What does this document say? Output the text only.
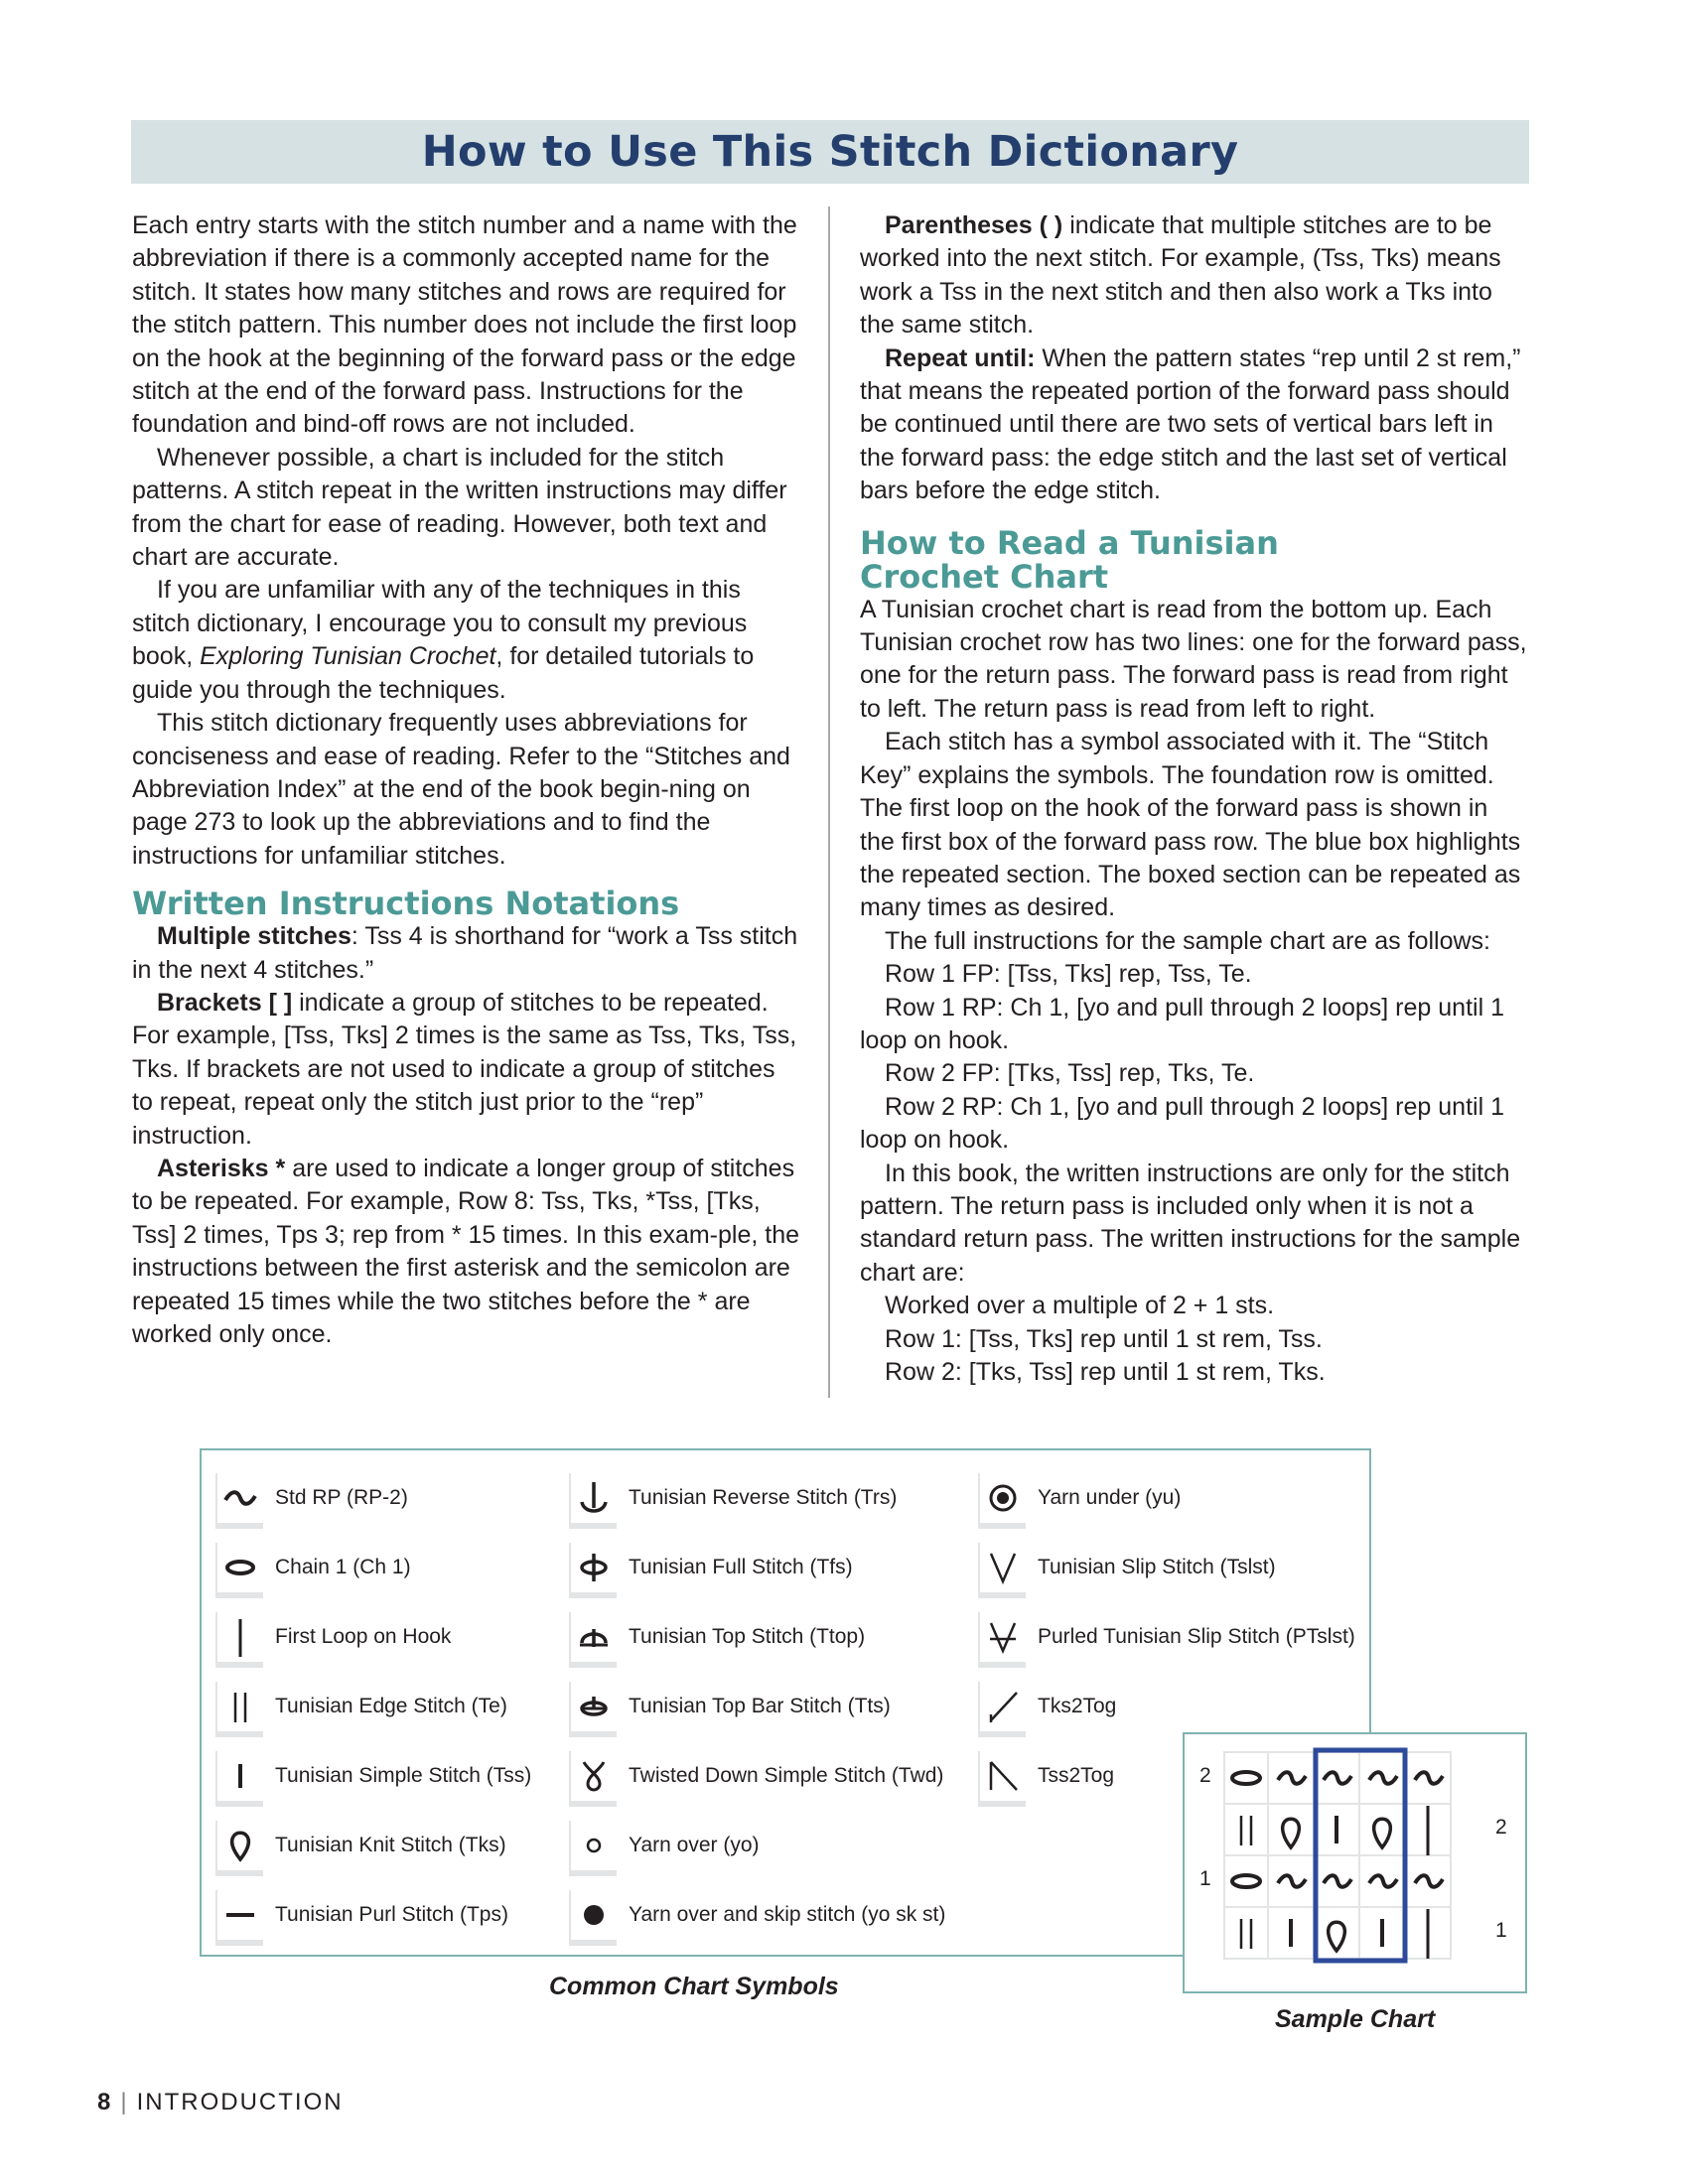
How to Use This Stitch Dictionary

Each entry starts with the stitch number and a name with the abbreviation if there is a commonly accepted name for the stitch. It states how many stitches and rows are required for the stitch pattern. This number does not include the first loop on the hook at the beginning of the forward pass or the edge stitch at the end of the forward pass. Instructions for the foundation and bind-off rows are not included.

Whenever possible, a chart is included for the stitch patterns. A stitch repeat in the written instructions may differ from the chart for ease of reading. However, both text and chart are accurate.

If you are unfamiliar with any of the techniques in this stitch dictionary, I encourage you to consult my previous book, Exploring Tunisian Crochet, for detailed tutorials to guide you through the techniques.

This stitch dictionary frequently uses abbreviations for conciseness and ease of reading. Refer to the “Stitches and Abbreviation Index” at the end of the book begin-ning on page 273 to look up the abbreviations and to find the instructions for unfamiliar stitches.

Written Instructions Notations

Multiple stitches: Tss 4 is shorthand for “work a Tss stitch in the next 4 stitches.”

Brackets [ ] indicate a group of stitches to be repeated. For example, [Tss, Tks] 2 times is the same as Tss, Tks, Tss, Tks. If brackets are not used to indicate a group of stitches to repeat, repeat only the stitch just prior to the “rep” instruction.

Asterisks * are used to indicate a longer group of stitches to be repeated. For example, Row 8: Tss, Tks, *Tss, [Tks, Tss] 2 times, Tps 3; rep from * 15 times. In this exam-ple, the instructions between the first asterisk and the semicolon are repeated 15 times while the two stitches before the * are worked only once.

Parentheses ( ) indicate that multiple stitches are to be worked into the next stitch. For example, (Tss, Tks) means work a Tss in the next stitch and then also work a Tks into the same stitch.

Repeat until: When the pattern states “rep until 2 st rem,” that means the repeated portion of the forward pass should be continued until there are two sets of vertical bars left in the forward pass: the edge stitch and the last set of vertical bars before the edge stitch.

How to Read a Tunisian
Crochet Chart

A Tunisian crochet chart is read from the bottom up. Each Tunisian crochet row has two lines: one for the forward pass, one for the return pass. The forward pass is read from right to left. The return pass is read from left to right.

Each stitch has a symbol associated with it. The “Stitch Key” explains the symbols. The foundation row is omitted. The first loop on the hook of the forward pass is shown in the first box of the forward pass row. The blue box highlights the repeated section. The boxed section can be repeated as many times as desired.

The full instructions for the sample chart are as follows:

Row 1 FP: [Tss, Tks] rep, Tss, Te.

Row 1 RP: Ch 1, [yo and pull through 2 loops] rep until 1 loop on hook.

Row 2 FP: [Tks, Tss] rep, Tks, Te.

Row 2 RP: Ch 1, [yo and pull through 2 loops] rep until 1 loop on hook.

In this book, the written instructions are only for the stitch pattern. The return pass is included only when it is not a standard return pass. The written instructions for the sample chart are:

Worked over a multiple of 2 + 1 sts.

Row 1: [Tss, Tks] rep until 1 st rem, Tss.

Row 2: [Tks, Tss] rep until 1 st rem, Tks.

Std RP (RP-2)
Chain 1 (Ch 1)
First Loop on Hook
Tunisian Edge Stitch (Te)
Tunisian Simple Stitch (Tss)
Tunisian Knit Stitch (Tks)
Tunisian Purl Stitch (Tps)
Tunisian Reverse Stitch (Trs)
Tunisian Full Stitch (Tfs)
Tunisian Top Stitch (Ttop)
Tunisian Top Bar Stitch (Tts)
Twisted Down Simple Stitch (Twd)
Yarn over (yo)
Yarn over and skip stitch (yo sk st)
Yarn under (yu)
Tunisian Slip Stitch (Tslst)
Purled Tunisian Slip Stitch (PTslst)
Tks2Tog
Tss2Tog
Common Chart Symbols
2
1
2
1
Sample Chart
8 | INTRODUCTION
